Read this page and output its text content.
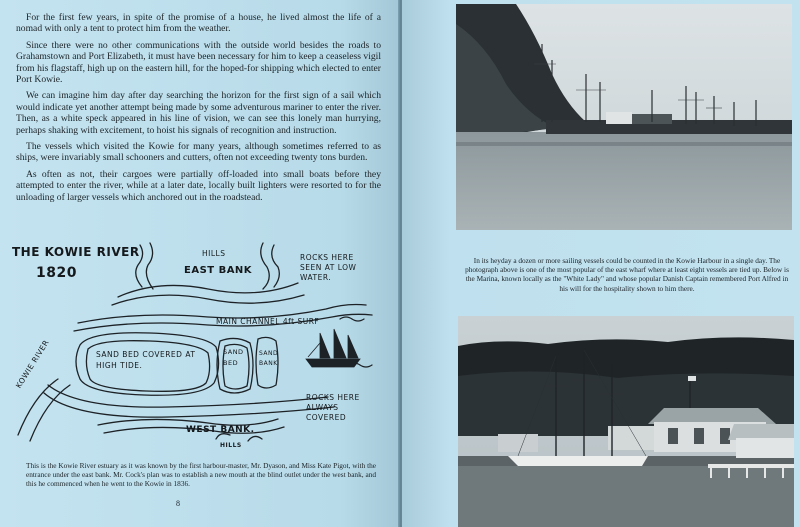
For the first few years, in spite of the promise of a house, he lived almost the life of a nomad with only a tent to protect him from the weather.

Since there were no other communications with the outside world besides the roads to Grahamstown and Port Elizabeth, it must have been necessary for him to keep a ceaseless vigil from his flagstaff, high up on the eastern hill, for the hoped-for shipping which elected to enter Port Kowie.

We can imagine him day after day searching the horizon for the first sign of a sail which would indicate yet another attempt being made by some adventurous mariner to enter the river. Then, as a white speck appeared in his line of vision, we can see this lonely man hurrying, perhaps shaking with excitement, to hoist his signals of recognition and instruction.

The vessels which visited the Kowie for many years, although sometimes referred to as ships, were invariably small schooners and cutters, often not exceeding twenty tons burden.

As often as not, their cargoes were partially off-loaded into small boats before they attempted to enter the river, while at a later date, locally built lighters were resorted to for the unloading of larger vessels which anchored out in the roadstead.

THE KOWIE RIVER
1820
HILLS
EAST BANK
ROCKS HERE SEEN AT LOW WATER.
MAIN CHANNEL 4ft SURF
SAND BED COVERED AT HIGH TIDE.
SAND BED
SAND BANK
KOWIE RIVER
ROCKS HERE ALWAYS COVERED
WEST BANK.
HILLS
This is the Kowie River estuary as it was known by the first harbour-master, Mr. Dyason, and Miss Kate Pigot, with the entrance under the east bank. Mr. Cock's plan was to establish a new mouth at the blind outlet under the west bank, and this he commenced when he went to the Kowie in 1836.
8
In its heyday a dozen or more sailing vessels could be counted in the Kowie Harbour in a single day. The photograph above is one of the most popular of the east wharf where at least eight vessels are tied up. Below is the Marina, known locally as the "White Lady" and whose popular Danish Captain remembered Port Alfred in his will for the hospitality shown to him there.
